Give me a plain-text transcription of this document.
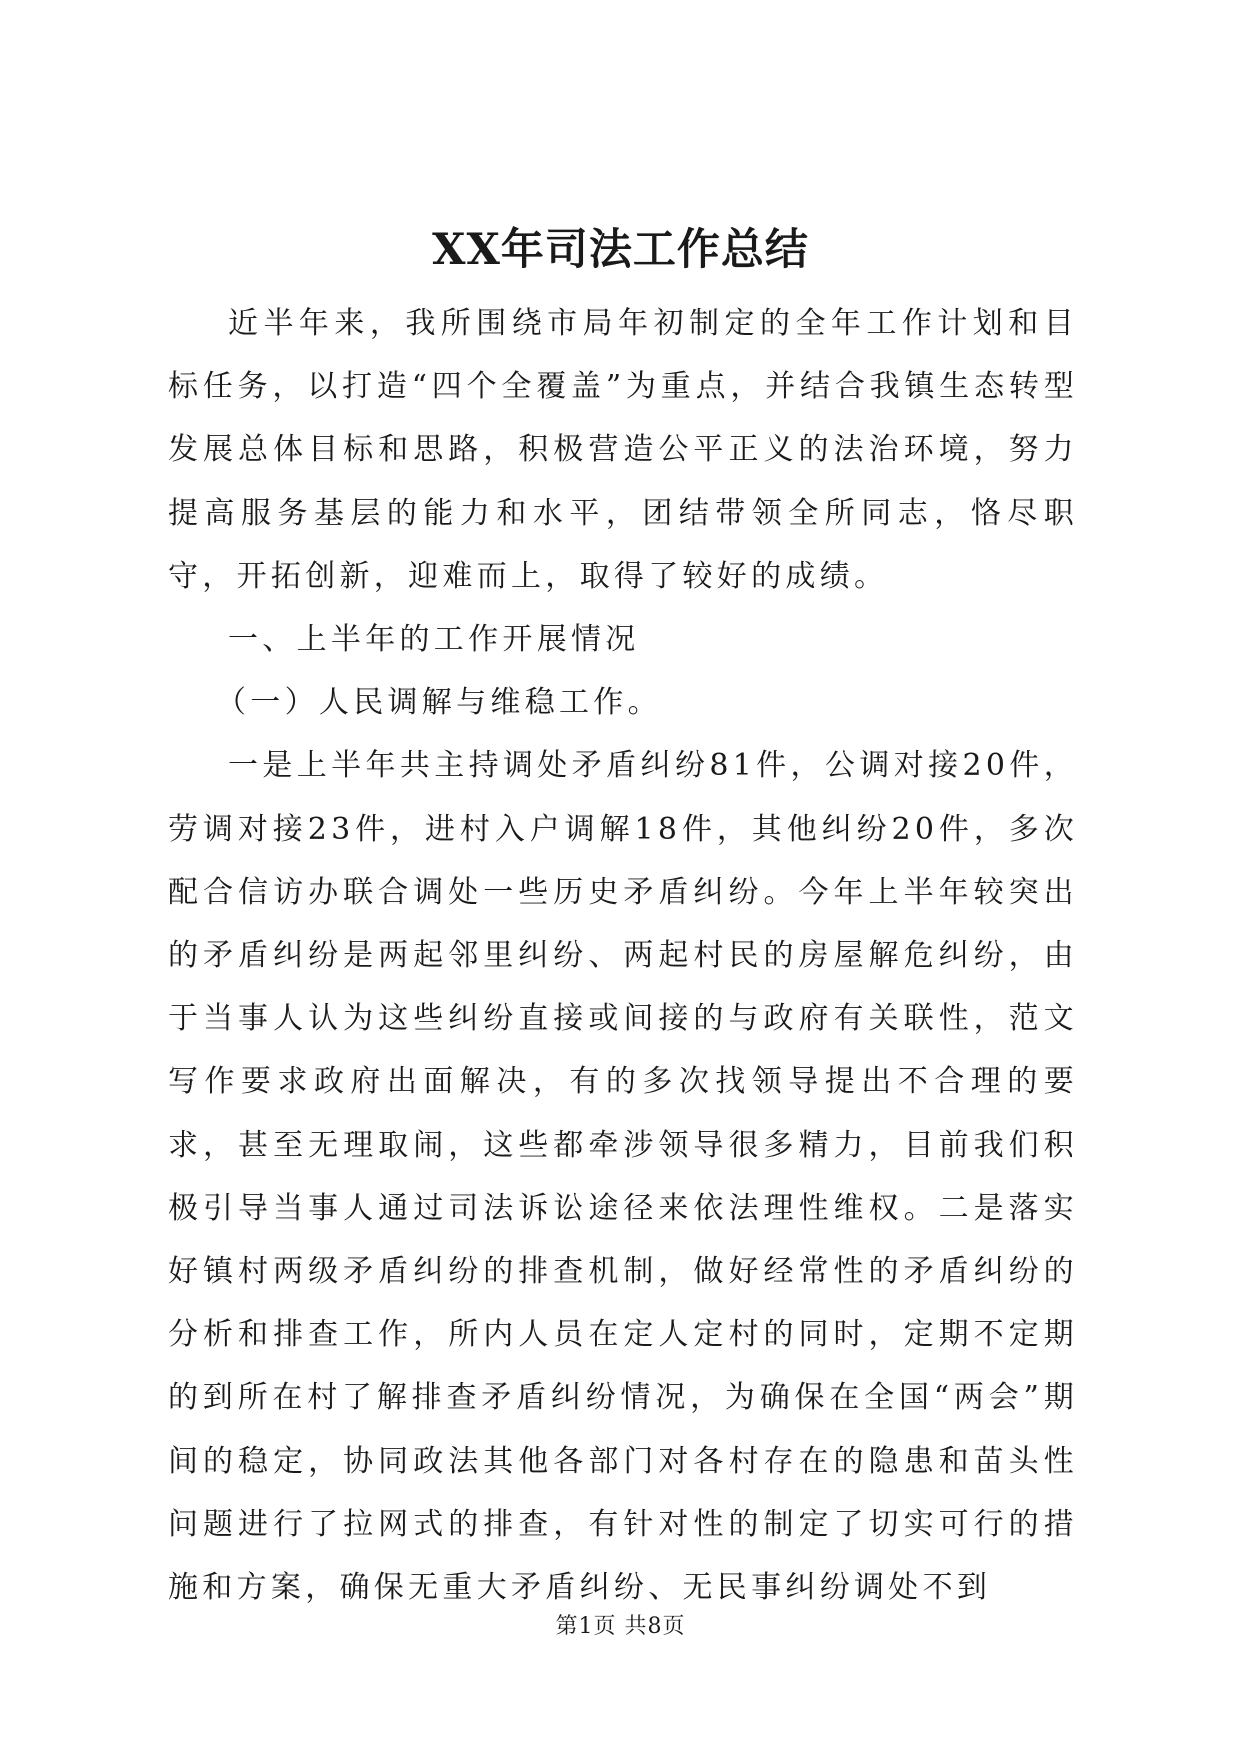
XX年司法工作总结

近半年来，我所围绕市局年初制定的全年工作计划和目标任务，以打造“四个全覆盖”为重点，并结合我镇生态转型发展总体目标和思路，积极营造公平正义的法治环境，努力提高服务基层的能力和水平，团结带领全所同志，恪尽职守，开拓创新，迎难而上，取得了较好的成绩。

一、上半年的工作开展情况

（一）人民调解与维稳工作。

一是上半年共主持调处矛盾纠纷81件，公调对接20件，劳调对接23件，进村入户调解18件，其他纠纷20件，多次配合信访办联合调处一些历史矛盾纠纷。今年上半年较突出的矛盾纠纷是两起邻里纠纷、两起村民的房屋解危纠纷，由于当事人认为这些纠纷直接或间接的与政府有关联性，范文写作要求政府出面解决，有的多次找领导提出不合理的要求，甚至无理取闹，这些都牵涉领导很多精力，目前我们积极引导当事人通过司法诉讼途径来依法理性维权。二是落实好镇村两级矛盾纠纷的排查机制，做好经常性的矛盾纠纷的分析和排查工作，所内人员在定人定村的同时，定期不定期的到所在村了解排查矛盾纠纷情况，为确保在全国“两会”期间的稳定，协同政法其他各部门对各村存在的隐患和苗头性问题进行了拉网式的排查，有针对性的制定了切实可行的措施和方案，确保无重大矛盾纠纷、无民事纠纷调处不到

第1页 共8页
